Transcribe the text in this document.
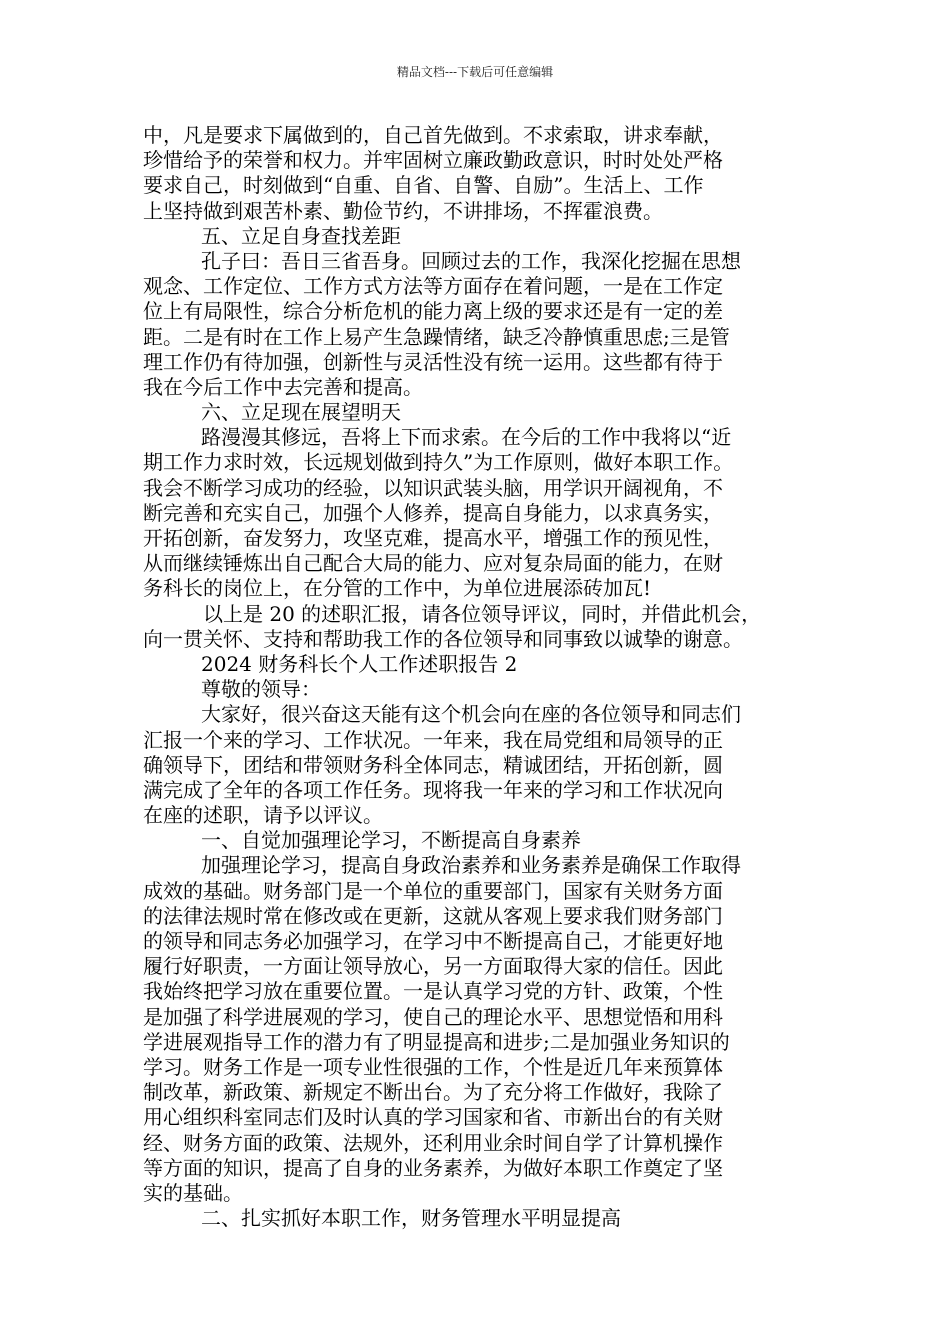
精品文档---下载后可任意编辑
中，凡是要求下属做到的，自己首先做到。不求索取，讲求奉献，
珍惜给予的荣誉和权力。并牢固树立廉政勤政意识，时时处处严格
要求自己，时刻做到“自重、自省、自警、自励”。生活上、工作
上坚持做到艰苦朴素、勤俭节约，不讲排场，不挥霍浪费。
五、立足自身查找差距
孔子曰：吾日三省吾身。回顾过去的工作，我深化挖掘在思想
观念、工作定位、工作方式方法等方面存在着问题，一是在工作定
位上有局限性，综合分析危机的能力离上级的要求还是有一定的差
距。二是有时在工作上易产生急躁情绪，缺乏冷静慎重思虑;三是管
理工作仍有待加强，创新性与灵活性没有统一运用。这些都有待于
我在今后工作中去完善和提高。
六、立足现在展望明天
路漫漫其修远，吾将上下而求索。在今后的工作中我将以“近
期工作力求时效，长远规划做到持久”为工作原则，做好本职工作。
我会不断学习成功的经验，以知识武装头脑，用学识开阔视角，不
断完善和充实自己，加强个人修养，提高自身能力，以求真务实，
开拓创新，奋发努力，攻坚克难，提高水平，增强工作的预见性，
从而继续锤炼出自己配合大局的能力、应对复杂局面的能力，在财
务科长的岗位上，在分管的工作中，为单位进展添砖加瓦!
以上是 20 的述职汇报，请各位领导评议，同时，并借此机会，
向一贯关怀、支持和帮助我工作的各位领导和同事致以诚挚的谢意。
2024 财务科长个人工作述职报告 2
尊敬的领导：
大家好，很兴奋这天能有这个机会向在座的各位领导和同志们
汇报一个来的学习、工作状况。一年来，我在局党组和局领导的正
确领导下，团结和带领财务科全体同志，精诚团结，开拓创新，圆
满完成了全年的各项工作任务。现将我一年来的学习和工作状况向
在座的述职，请予以评议。
一、自觉加强理论学习，不断提高自身素养
加强理论学习，提高自身政治素养和业务素养是确保工作取得
成效的基础。财务部门是一个单位的重要部门，国家有关财务方面
的法律法规时常在修改或在更新，这就从客观上要求我们财务部门
的领导和同志务必加强学习，在学习中不断提高自己，才能更好地
履行好职责，一方面让领导放心，另一方面取得大家的信任。因此
我始终把学习放在重要位置。一是认真学习党的方针、政策，个性
是加强了科学进展观的学习，使自己的理论水平、思想觉悟和用科
学进展观指导工作的潜力有了明显提高和进步;二是加强业务知识的
学习。财务工作是一项专业性很强的工作，个性是近几年来预算体
制改革，新政策、新规定不断出台。为了充分将工作做好，我除了
用心组织科室同志们及时认真的学习国家和省、市新出台的有关财
经、财务方面的政策、法规外，还利用业余时间自学了计算机操作
等方面的知识，提高了自身的业务素养，为做好本职工作奠定了坚
实的基础。
二、扎实抓好本职工作，财务管理水平明显提高
